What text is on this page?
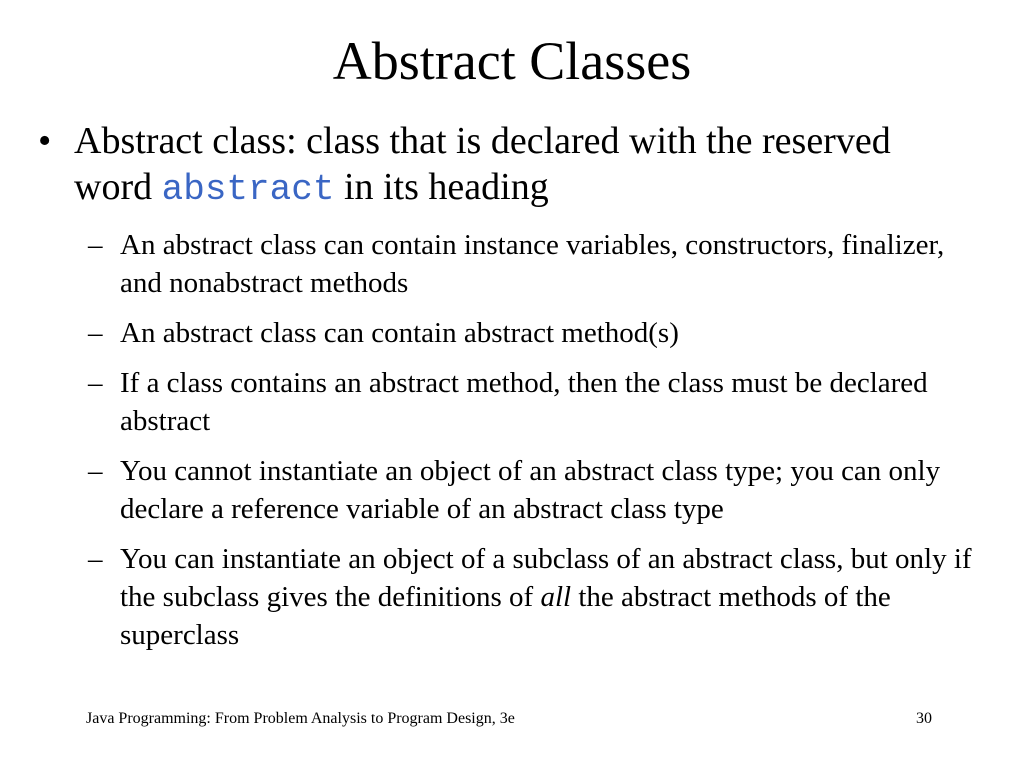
Abstract Classes
• Abstract class: class that is declared with the reserved word abstract in its heading
– An abstract class can contain instance variables, constructors, finalizer, and nonabstract methods
– An abstract class can contain abstract method(s)
– If a class contains an abstract method, then the class must be declared abstract
– You cannot instantiate an object of an abstract class type; you can only declare a reference variable of an abstract class type
– You can instantiate an object of a subclass of an abstract class, but only if the subclass gives the definitions of all the abstract methods of the superclass
Java Programming: From Problem Analysis to Program Design, 3e	30
